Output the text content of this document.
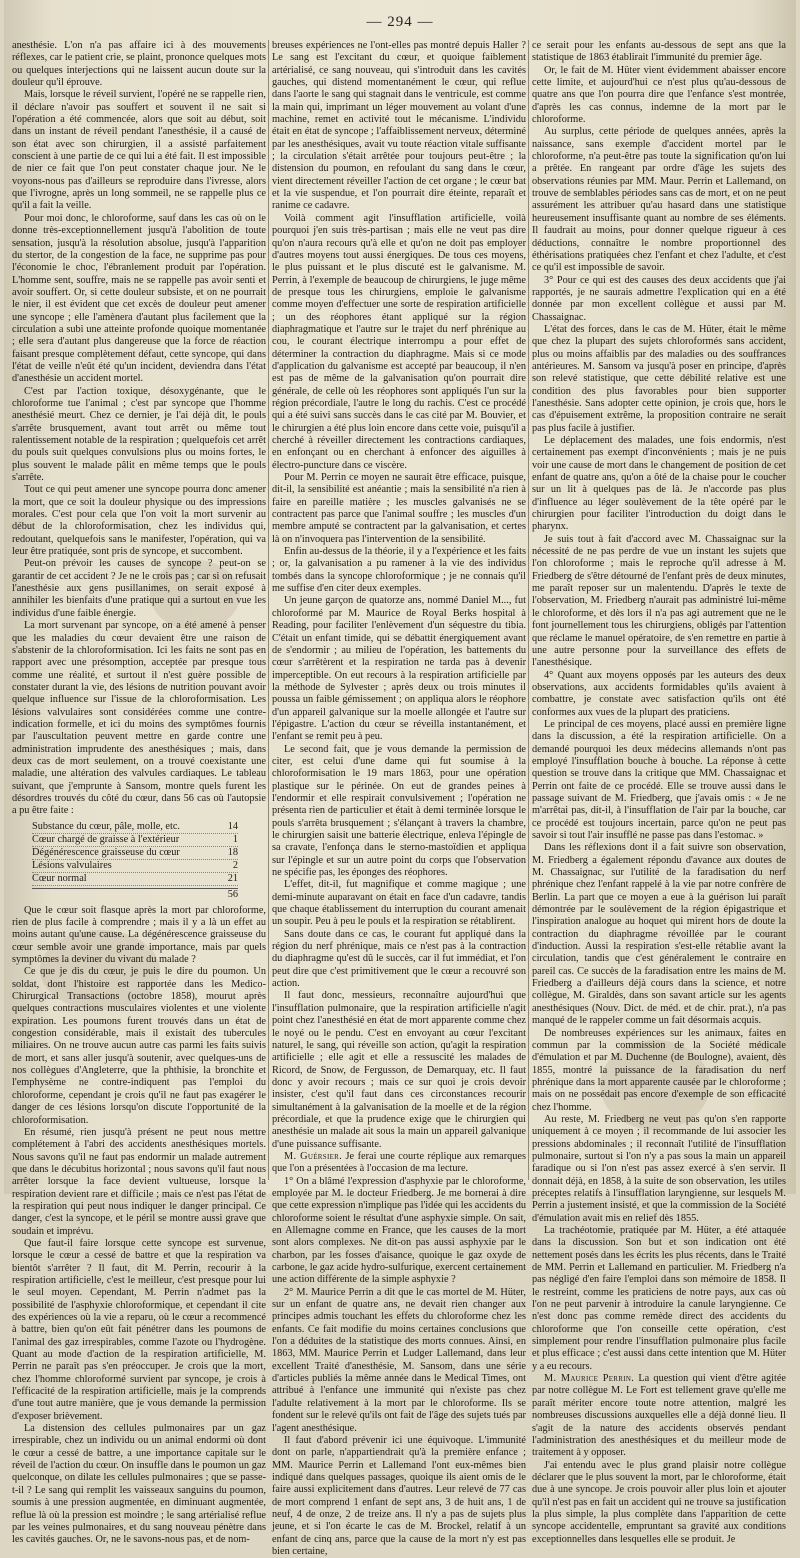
— 294 —

anesthésie. L'on n'a pas affaire ici à des mouvements réflexes, car le patient crie, se plaint, prononce quelques mots ou quelques interjections qui ne laissent aucun doute sur la douleur qu'il éprouve.

Mais, lorsque le réveil survient, l'opéré ne se rappelle rien, il déclare n'avoir pas souffert et souvent il ne sait si l'opération a été commencée, alors que soit au début, soit dans un instant de réveil pendant l'anesthésie, il a causé de son état avec son chirurgien, il a assisté parfaitement conscient à une partie de ce qui lui a été fait. Il est impossible de nier ce fait que l'on peut constater chaque jour. Ne le voyons-nous pas d'ailleurs se reproduire dans l'ivresse, alors que l'ivrogne, après un long sommeil, ne se rappelle plus ce qu'il a fait la veille.

Pour moi donc, le chloroforme, sauf dans les cas où on le donne très-exceptionnellement jusqu'à l'abolition de toute sensation, jusqu'à la résolution absolue, jusqu'à l'apparition du stertor, de la congestion de la face, ne supprime pas pour l'économie le choc, l'ébranlement produit par l'opération. L'homme sent, souffre, mais ne se rappelle pas avoir senti et avoir souffert. Or, si cette douleur subsiste, et on ne pourrait le nier, il est évident que cet excès de douleur peut amener une syncope ; elle l'amènera d'autant plus facilement que la circulation a subi une atteinte profonde quoique momentanée ; elle sera d'autant plus dangereuse que la force de réaction faisant presque complètement défaut, cette syncope, qui dans l'état de veille n'eût été qu'un incident, deviendra dans l'état d'anesthésie un accident mortel.

C'est par l'action toxique, désoxygénante, que le chloroforme tue l'animal ; c'est par syncope que l'homme anesthésié meurt. Chez ce dernier, je l'ai déjà dit, le pouls s'arrête brusquement, avant tout arrêt ou même tout ralentissement notable de la respiration ; quelquefois cet arrêt du pouls suit quelques convulsions plus ou moins fortes, le plus souvent le malade pâlit en même temps que le pouls s'arrête.

Tout ce qui peut amener une syncope pourra donc amener la mort, que ce soit la douleur physique ou des impressions morales. C'est pour cela que l'on voit la mort survenir au début de la chloroformisation, chez les individus qui, redoutant, quelquefois sans le manifester, l'opération, qui va leur être pratiquée, sont pris de syncope, et succombent.

Peut-on prévoir les causes de syncope ? peut-on se garantir de cet accident ? Je ne le crois pas ; car si on refusait l'anesthésie aux gens pusillanimes, on serait exposé à annihiler les bienfaits d'une pratique qui a surtout en vue les individus d'une faible énergie.

La mort survenant par syncope, on a été amené à penser que les maladies du cœur devaient être une raison de s'abstenir de la chloroformisation. Ici les faits ne sont pas en rapport avec une présomption, acceptée par presque tous comme une réalité, et surtout il n'est guère possible de constater durant la vie, des lésions de nutrition pouvant avoir quelque influence sur l'issue de la chloroformisation. Les lésions valvulaires sont considérées comme une contre-indication formelle, et ici du moins des symptômes fournis par l'auscultation peuvent mettre en garde contre une administration imprudente des anesthésiques ; mais, dans deux cas de mort seulement, on a trouvé coexistante une maladie, une altération des valvules cardiaques. Le tableau suivant, que j'emprunte à Sansom, montre quels furent les désordres trouvés du côté du cœur, dans 56 cas où l'autopsie a pu être faite :

Substance du cœur, pâle, molle, etc.	14
Cœur chargé de graisse à l'extérieur	1
Dégénérescence graisseuse du cœur	18
Lésions valvulaires	2
Cœur normal	21
56

Que le cœur soit flasque après la mort par chloroforme, rien de plus facile à comprendre ; mais il y a là un effet au moins autant qu'une cause. La dégénérescence graisseuse du cœur semble avoir une grande importance, mais par quels symptômes la deviner du vivant du malade ?

Ce que je dis du cœur, je puis le dire du poumon. Un soldat, dont l'histoire est rapportée dans les Medico-Chirurgical Transactions (octobre 1858), mourut après quelques contractions musculaires violentes et une violente expiration. Les poumons furent trouvés dans un état de congestion considérable, mais il existait des tubercules miliaires. On ne trouve aucun autre cas parmi les faits suivis de mort, et sans aller jusqu'à soutenir, avec quelques-uns de nos collègues d'Angleterre, que la phthisie, la bronchite et l'emphysème ne contre-indiquent pas l'emploi du chloroforme, cependant je crois qu'il ne faut pas exagérer le danger de ces lésions lorsqu'on discute l'opportunité de la chloroformisation.

En résumé, rien jusqu'à présent ne peut nous mettre complétement à l'abri des accidents anesthésiques mortels. Nous savons qu'il ne faut pas endormir un malade autrement que dans le décubitus horizontal ; nous savons qu'il faut nous arrêter lorsque la face devient vultueuse, lorsque la respiration devient rare et difficile ; mais ce n'est pas l'état de la respiration qui peut nous indiquer le danger principal. Ce danger, c'est la syncope, et le péril se montre aussi grave que soudain et imprévu.

Que faut-il faire lorsque cette syncope est survenue, lorsque le cœur a cessé de battre et que la respiration va bientôt s'arrêter ? Il faut, dit M. Perrin, recourir à la respiration artificielle, c'est le meilleur, c'est presque pour lui le seul moyen. Cependant, M. Perrin n'admet pas la possibilité de l'asphyxie chloroformique, et cependant il cite des expériences où la vie a reparu, où le cœur a recommencé à battre, bien qu'on eût fait pénétrer dans les poumons de l'animal des gaz irrespirables, comme l'azote ou l'hydrogène. Quant au mode d'action de la respiration artificielle, M. Perrin ne paraît pas s'en préoccuper. Je crois que la mort, chez l'homme chloroformé survient par syncope, je crois à l'efficacité de la respiration artificielle, mais je la comprends d'une tout autre manière, que je vous demande la permission d'exposer brièvement.

La distension des cellules pulmonaires par un gaz irrespirable, chez un individu ou un animal endormi où dont le cœur a cessé de battre, a une importance capitale sur le réveil de l'action du cœur. On insuffle dans le poumon un gaz quelconque, on dilate les cellules pulmonaires ; que se passe-t-il ? Le sang qui remplit les vaisseaux sanguins du poumon, soumis à une pression augmentée, en diminuant augmentée, reflue là où la pression est moindre ; le sang artérialisé reflue par les veines pulmonaires, et du sang nouveau pénètre dans les cavités gauches. Or, ne le savons-nous pas, et de nom-

breuses expériences ne l'ont-elles pas montré depuis Haller ? Le sang est l'excitant du cœur, et quoique faiblement artérialisé, ce sang nouveau, qui s'introduit dans les cavités gauches, qui distend momentanément le cœur, qui reflue dans l'aorte le sang qui stagnait dans le ventricule, est comme la main qui, imprimant un léger mouvement au volant d'une machine, remet en activité tout le mécanisme. L'individu était en état de syncope ; l'affaiblissement nerveux, déterminé par les anesthésiques, avait vu toute réaction vitale suffisante ; la circulation s'était arrêtée pour toujours peut-être ; la distension du poumon, en refoulant du sang dans le cœur, vient directement réveiller l'action de cet organe ; le cœur bat et la vie suspendue, et l'on pourrait dire éteinte, reparaît et ranime ce cadavre.

Voilà comment agit l'insufflation artificielle, voilà pourquoi j'en suis très-partisan ; mais elle ne veut pas dire qu'on n'aura recours qu'à elle et qu'on ne doit pas employer d'autres moyens tout aussi énergiques. De tous ces moyens, le plus puissant et le plus discuté est le galvanisme. M. Perrin, à l'exemple de beaucoup de chirurgiens, le juge même de presque tous les chirurgiens, emploie le galvanisme comme moyen d'effectuer une sorte de respiration artificielle ; un des réophores étant appliqué sur la région diaphragmatique et l'autre sur le trajet du nerf phrénique au cou, le courant électrique interrompu a pour effet de déterminer la contraction du diaphragme. Mais si ce mode d'application du galvanisme est accepté par beaucoup, il n'en est pas de même de la galvanisation qu'on pourrait dire générale, de celle où les réophores sont appliqués l'un sur la région précordiale, l'autre le long du rachis. C'est ce procédé qui a été suivi sans succès dans le cas cité par M. Bouvier, et le chirurgien a été plus loin encore dans cette voie, puisqu'il a cherché à réveiller directement les contractions cardiaques, en enfonçant ou en cherchant à enfoncer des aiguilles à électro-puncture dans ce viscère.

Pour M. Perrin ce moyen ne saurait être efficace, puisque, dit-il, la sensibilité est anéantie ; mais la sensibilité n'a rien à faire en pareille matière ; les muscles galvanisés ne se contractent pas parce que l'animal souffre ; les muscles d'un membre amputé se contractent par la galvanisation, et certes là on n'invoquera pas l'intervention de la sensibilité.

Enfin au-dessus de la théorie, il y a l'expérience et les faits ; or, la galvanisation a pu ramener à la vie des individus tombés dans la syncope chloroformique ; je ne connais qu'il me suffise d'en citer deux exemples.

Un jeune garçon de quatorze ans, nommé Daniel M..., fut chloroformé par M. Maurice de Royal Berks hospital à Reading, pour faciliter l'enlèvement d'un séquestre du tibia. C'était un enfant timide, qui se débattit énergiquement avant de s'endormir ; au milieu de l'opération, les battements du cœur s'arrêtèrent et la respiration ne tarda pas à devenir imperceptible. On eut recours à la respiration artificielle par la méthode de Sylvester ; après deux ou trois minutes il poussa un faible gémissement ; on appliqua alors le réophore d'un appareil galvanique sur la moelle allongée et l'autre sur l'épigastre. L'action du cœur se réveilla instantanément, et l'enfant se remit peu à peu.

Le second fait, que je vous demande la permission de citer, est celui d'une dame qui fut soumise à la chloroformisation le 19 mars 1863, pour une opération plastique sur le périnée. On eut de grandes peines à l'endormir et elle respirait convulsivement ; l'opération ne présenta rien de particulier et était à demi terminée lorsque le pouls s'arrêta brusquement ; s'élançant à travers la chambre, le chirurgien saisit une batterie électrique, enleva l'épingle de sa cravate, l'enfonça dans le sterno-mastoïdien et appliqua sur l'épingle et sur un autre point du corps que l'observation ne spécifie pas, les éponges des réophores.

L'effet, dit-il, fut magnifique et comme magique ; une demi-minute auparavant on était en face d'un cadavre, tandis que chaque établissement du interruption du courant amenait un soupir. Peu à peu le pouls et la respiration se rétablirent.

Sans doute dans ce cas, le courant fut appliqué dans la région du nerf phrénique, mais ce n'est pas à la contraction du diaphragme qu'est dû le succès, car il fut immédiat, et l'on peut dire que c'est primitivement que le cœur a recouvré son action.

Il faut donc, messieurs, reconnaître aujourd'hui que l'insufflation pulmonaire, que la respiration artificielle n'agit point chez l'anesthésié en état de mort apparente comme chez le noyé ou le pendu. C'est en envoyant au cœur l'excitant naturel, le sang, qui réveille son action, qu'agit la respiration artificielle ; elle agit et elle a ressuscité les malades de Ricord, de Snow, de Fergusson, de Demarquay, etc. Il faut donc y avoir recours ; mais ce sur quoi je crois devoir insister, c'est qu'il faut dans ces circonstances recourir simultanément à la galvanisation de la moelle et de la région précordiale, et que la prudence exige que le chirurgien qui anesthésie un malade ait sous la main un appareil galvanique d'une puissance suffisante.

M. Guérsier. Je ferai une courte réplique aux remarques que l'on a présentées à l'occasion de ma lecture.

1° On a blâmé l'expression d'asphyxie par le chloroforme, employée par M. le docteur Friedberg. Je me bornerai à dire que cette expression n'implique pas l'idée qui les accidents du chloroforme soient le résultat d'une asphyxie simple. On sait, en Allemagne comme en France, que les causes de la mort sont alors complexes. Ne dit-on pas aussi asphyxie par le charbon, par les fosses d'aisance, quoique le gaz oxyde de carbone, le gaz acide hydro-sulfurique, exercent certainement une action différente de la simple asphyxie ?

2° M. Maurice Perrin a dit que le cas mortel de M. Hüter, sur un enfant de quatre ans, ne devait rien changer aux principes admis touchant les effets du chloroforme chez les enfants. Ce fait modifie du moins certaines conclusions que l'on a déduites de la statistique des morts connues. Ainsi, en 1863, MM. Maurice Perrin et Ludger Lallemand, dans leur excellent Traité d'anesthésie, M. Sansom, dans une série d'articles publiés la même année dans le Medical Times, ont attribué à l'enfance une immunité qui n'existe pas chez l'adulte relativement à la mort par le chloroforme. Ils se fondent sur le relevé qu'ils ont fait de l'âge des sujets tués par l'agent anesthésique.

Il faut d'abord prévenir ici une équivoque. L'immunité dont on parle, n'appartiendrait qu'à la première enfance ; MM. Maurice Perrin et Lallemand l'ont eux-mêmes bien indiqué dans quelques passages, quoique ils aient omis de le faire aussi explicitement dans d'autres. Leur relevé de 77 cas de mort comprend 1 enfant de sept ans, 3 de huit ans, 1 de neuf, 4 de onze, 2 de treize ans. Il n'y a pas de sujets plus jeune, et si l'on écarte le cas de M. Brockel, relatif à un enfant de cinq ans, parce que la cause de la mort n'y est pas bien certaine,

ce serait pour les enfants au-dessous de sept ans que la statistique de 1863 établirait l'immunité du premier âge.

Or, le fait de M. Hüter vient évidemment abaisser encore cette limite, et aujourd'hui ce n'est plus qu'au-dessous de quatre ans que l'on pourra dire que l'enfance s'est montrée, d'après les cas connus, indemne de la mort par le chloroforme.

Au surplus, cette période de quelques années, après la naissance, sans exemple d'accident mortel par le chloroforme, n'a peut-être pas toute la signification qu'on lui a prêtée. En rangeant par ordre d'âge les sujets des observations réunies par MM. Maur. Perrin et Lallemand, on trouve de semblables périodes sans cas de mort, et on ne peut assurément les attribuer qu'au hasard dans une statistique heureusement insuffisante quant au nombre de ses éléments. Il faudrait au moins, pour donner quelque rigueur à ces déductions, connaître le nombre proportionnel des éthérisations pratiquées chez l'enfant et chez l'adulte, et c'est ce qu'il est impossible de savoir.

3° Pour ce qui est des causes des deux accidents que j'ai rapportés, je ne saurais admettre l'explication qui en a été donnée par mon excellent collègue et aussi par M. Chassaignac.

L'état des forces, dans le cas de M. Hüter, était le même que chez la plupart des sujets chloroformés sans accident, plus ou moins affaiblis par des maladies ou des souffrances antérieures. M. Sansom va jusqu'à poser en principe, d'après son relevé statistique, que cette débilité relative est une condition des plus favorables pour bien supporter l'anesthésie. Sans adopter cette opinion, je crois que, hors le cas d'épuisement extrême, la proposition contraire ne serait pas plus facile à justifier.

Le déplacement des malades, une fois endormis, n'est certainement pas exempt d'inconvénients ; mais je ne puis voir une cause de mort dans le changement de position de cet enfant de quatre ans, qu'on a ôté de la chaise pour le coucher sur un lit à quelques pas de là. Je n'accorde pas plus d'influence au léger soulèvement de la tête opéré par le chirurgien pour faciliter l'introduction du doigt dans le pharynx.

Je suis tout à fait d'accord avec M. Chassaignac sur la nécessité de ne pas perdre de vue un instant les sujets que l'on chloroforme ; mais le reproche qu'il adresse à M. Friedberg de s'être détourné de l'enfant près de deux minutes, me paraît reposer sur un malentendu. D'après le texte de l'observation, M. Friedberg n'aurait pas administré lui-même le chloroforme, et dès lors il n'a pas agi autrement que ne le font journellement tous les chirurgiens, obligés par l'attention que réclame le manuel opératoire, de s'en remettre en partie à une autre personne pour la surveillance des effets de l'anesthésique.

4° Quant aux moyens opposés par les auteurs des deux observations, aux accidents formidables qu'ils avaient à combattre, je constate avec satisfaction qu'ils ont été conformes aux vues de la plupart des praticiens.

Le principal de ces moyens, placé aussi en première ligne dans la discussion, a été la respiration artificielle. On a demandé pourquoi les deux médecins allemands n'ont pas employé l'insufflation bouche à bouche. La réponse à cette question se trouve dans la critique que MM. Chassaignac et Perrin ont faite de ce procédé. Elle se trouve aussi dans le passage suivant de M. Friedberg, que j'avais omis : « Je ne m'arrêtai pas, dit-il, à l'insufflation de l'air par la bouche, car ce procédé est toujours incertain, parce qu'on ne peut pas savoir si tout l'air insufflé ne passe pas dans l'estomac. »

Dans les réflexions dont il a fait suivre son observation, M. Friedberg a également répondu d'avance aux doutes de M. Chassaignac, sur l'utilité de la faradisation du nerf phrénique chez l'enfant rappelé à la vie par notre confrère de Berlin. La part que ce moyen a eue à la guérison lui paraît démontrée par le soulèvement de la région épigastrique et l'inspiration analogue au hoquet qui mirent hors de doute la contraction du diaphragme révoillée par le courant d'induction. Aussi la respiration s'est-elle rétablie avant la circulation, tandis que c'est généralement le contraire en pareil cas. Ce succès de la faradisation entre les mains de M. Friedberg a d'ailleurs déjà cours dans la science, et notre collègue, M. Giraldès, dans son savant article sur les agents anesthésiques (Nouv. Dict. de méd. et de chir. prat.), n'a pas manqué de le rappeler comme un fait désormais acquis.

De nombreuses expériences sur les animaux, faites en commun par la commission de la Société médicale d'émulation et par M. Duchenne (de Boulogne), avaient, dès 1855, montré la puissance de la faradisation du nerf phrénique dans la mort apparente causée par le chloroforme ; mais on ne possédait pas encore d'exemple de son efficacité chez l'homme.

Au reste, M. Friedberg ne veut pas qu'on s'en rapporte uniquement à ce moyen ; il recommande de lui associer les pressions abdominales ; il reconnaît l'utilité de l'insufflation pulmonaire, surtout si l'on n'y a pas sous la main un appareil faradique ou si l'on n'est pas assez exercé à s'en servir. Il donnait déjà, en 1858, à la suite de son observation, les utiles préceptes relatifs à l'insufflation laryngienne, sur lesquels M. Perrin a justement insisté, et que la commission de la Société d'émulation avait mis en relief dès 1855.

La trachéotomie, pratiquée par M. Hüter, a été attaquée dans la discussion. Son but et son indication ont été nettement posés dans les écrits les plus récents, dans le Traité de MM. Perrin et Lallemand en particulier. M. Friedberg n'a pas négligé d'en faire l'emploi dans son mémoire de 1858. Il le restreint, comme les praticiens de notre pays, aux cas où l'on ne peut parvenir à introduire la canule laryngienne. Ce n'est donc pas comme remède direct des accidents du chloroforme que l'on conseille cette opération, c'est simplement pour rendre l'insufflation pulmonaire plus facile et plus efficace ; c'est aussi dans cette intention que M. Hüter y a eu recours.

M. Maurice Perrin. La question qui vient d'être agitée par notre collègue M. Le Fort est tellement grave qu'elle me paraît mériter encore toute notre attention, malgré les nombreuses discussions auxquelles elle a déjà donné lieu. Il s'agit de la nature des accidents observés pendant l'administration des anesthésiques et du meilleur mode de traitement à y opposer.

J'ai entendu avec le plus grand plaisir notre collègue déclarer que le plus souvent la mort, par le chloroforme, était due à une syncope. Je crois pouvoir aller plus loin et ajouter qu'il n'est pas en fait un accident qui ne trouve sa justification la plus simple, la plus complète dans l'apparition de cette syncope accidentelle, empruntant sa gravité aux conditions exceptionnelles dans lesquelles elle se produit. Je
